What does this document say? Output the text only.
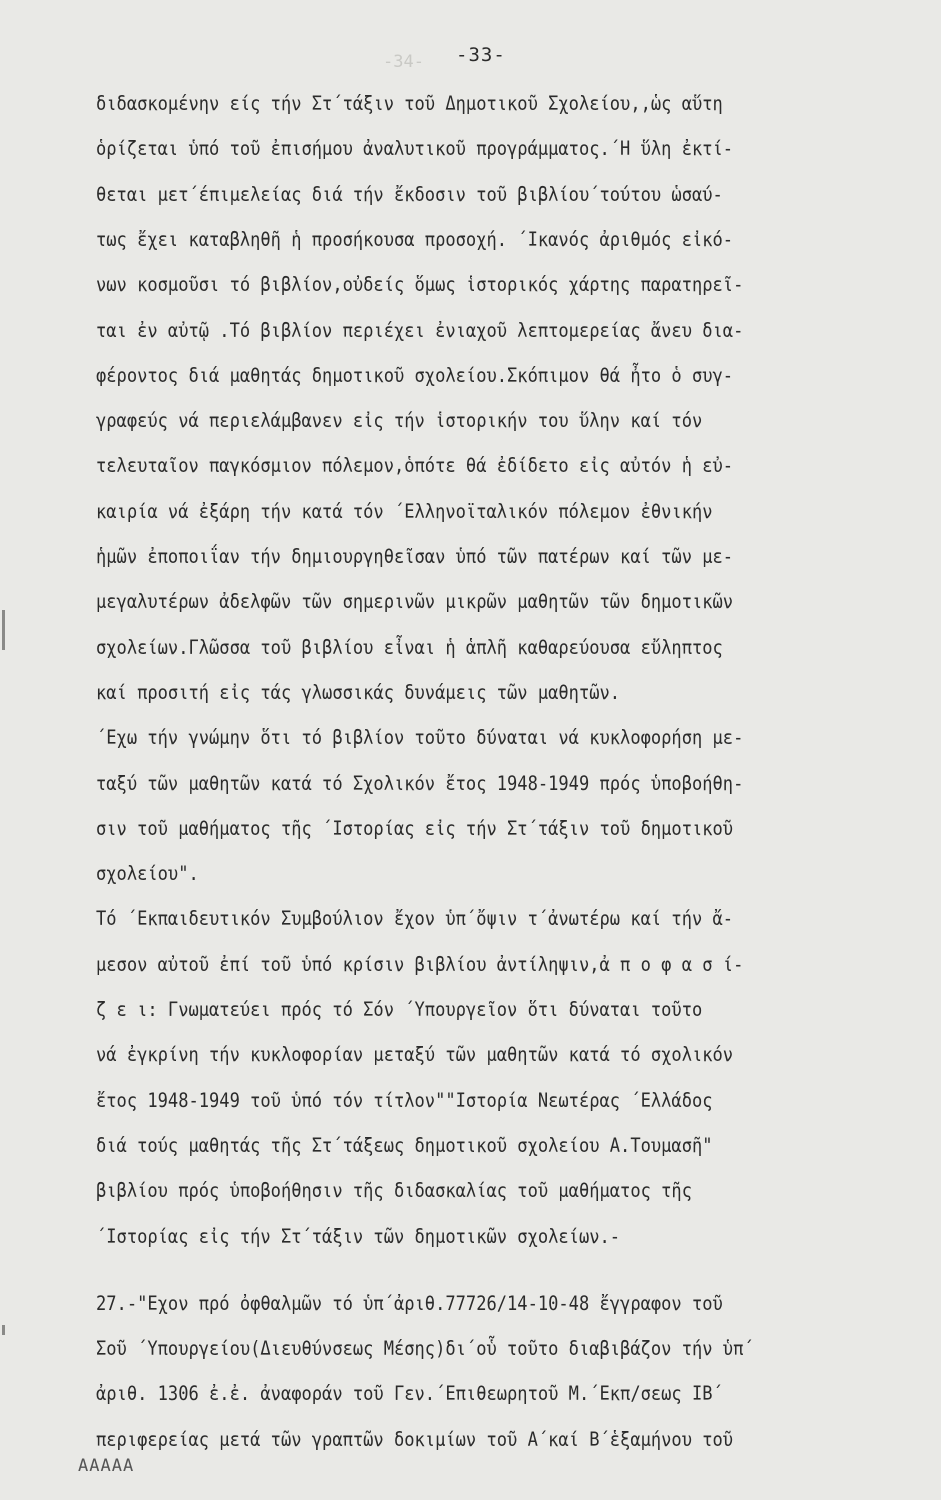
-34- -33-
διδασκομένην είς τήν Στ΄τάξιν τοῦ Δημοτικοῦ Σχολείου,,ὡς αὕτη
ὁρίζεται ὑπό τοῦ ἐπισήμου ἀναλυτικοῦ προγράμματος.΄Η ὕλη ἐκτί-
θεται μετ΄έπιμελείας διά τήν ἔκδοσιν τοῦ βιβλίου΄τούτου ὡσαύ-
τως ἔχει καταβληθῆ ἡ προσήκουσα προσοχή. ΄Ικανός ἀριθμός εἰκό-
νων κοσμοῦσι τό βιβλίον,οὐδείς ὅμως ἱστορικός χάρτης παρατηρεῖ-
ται ἐν αὐτῷ .Τό βιβλίον περιέχει ἐνιαχοῦ λεπτομερείας ἄνευ δια-
φέροντος διά μαθητάς δημοτικοῦ σχολείου.Σκόπιμον θά ἦτο ὁ συγ-
γραφεύς νά περιελάμβανεν εἰς τήν ἱστορικήν του ὕλην καί τόν
τελευταῖον παγκόσμιον πόλεμον,ὁπότε θά ἐδίδετο εἰς αὐτόν ἡ εὐ-
καιρία νά ἐξάρη τήν κατά τόν ΄Ελληνοϊταλικόν πόλεμον ἐθνικήν
ἡμῶν ἐποποιΐαν τήν δημιουργηθεῖσαν ὑπό τῶν πατέρων καί τῶν με-
μεγαλυτέρων ἀδελφῶν τῶν σημερινῶν μικρῶν μαθητῶν τῶν δημοτικῶν
σχολείων.Γλῶσσα τοῦ βιβλίου εἶναι ἡ ἁπλῆ καθαρεύουσα εὔληπτος
καί προσιτή εἰς τάς γλωσσικάς δυνάμεις τῶν μαθητῶν.
΄Εχω τήν γνώμην ὅτι τό βιβλίον τοῦτο δύναται νά κυκλοφορήση με-
ταξύ τῶν μαθητῶν κατά τό Σχολικόν ἔτος 1948-1949 πρός ὑποβοήθη-
σιν τοῦ μαθήματος τῆς ΄Ιστορίας εἰς τήν Στ΄τάξιν τοῦ δημοτικοῦ
σχολείου".
Τό ΄Εκπαιδευτικόν Συμβούλιον ἔχον ὑπ΄ὄψιν τ΄ἀνωτέρω καί τήν ἄ-
μεσον αὐτοῦ ἐπί τοῦ ὑπό κρίσιν βιβλίου ἀντίληψιν,ἀ π ο φ α σ ί-
ζ ε ι: Γνωματεύει πρός τό Σόν ΄Υπουργεῖον ὅτι δύναται τοῦτο
νά ἐγκρίνη τήν κυκλοφορίαν μεταξύ τῶν μαθητῶν κατά τό σχολικόν
ἔτος 1948-1949 τοῦ ὑπό τόν τίτλον""Ιστορία Νεωτέρας ΄Ελλάδος
διά τούς μαθητάς τῆς Στ΄τάξεως δημοτικοῦ σχολείου Α.Τουμασῆ"
βιβλίου πρός ὑποβοήθησιν τῆς διδασκαλίας τοῦ μαθήματος τῆς
΄Ιστορίας εἰς τήν Στ΄τάξιν τῶν δημοτικῶν σχολείων.-
27.-"Εχον πρό ὀφθαλμῶν τό ὑπ΄ἀριθ.77726/14-10-48 ἔγγραφον τοῦ
Σοῦ ΄Υπουργείου(Διευθύνσεως Μέσης)δι΄οὗ τοῦτο διαβιβάζον τήν ὑπ΄
ἀριθ. 1306 ἐ.ἐ. ἀναφοράν τοῦ Γεν.΄Επιθεωρητοῦ Μ.΄Εκπ/σεως ΙΒ΄
περιφερείας μετά τῶν γραπτῶν δοκιμίων τοῦ Α΄καί Β΄ἑξαμήνου τοῦ
ΑΑΑΑΑ
